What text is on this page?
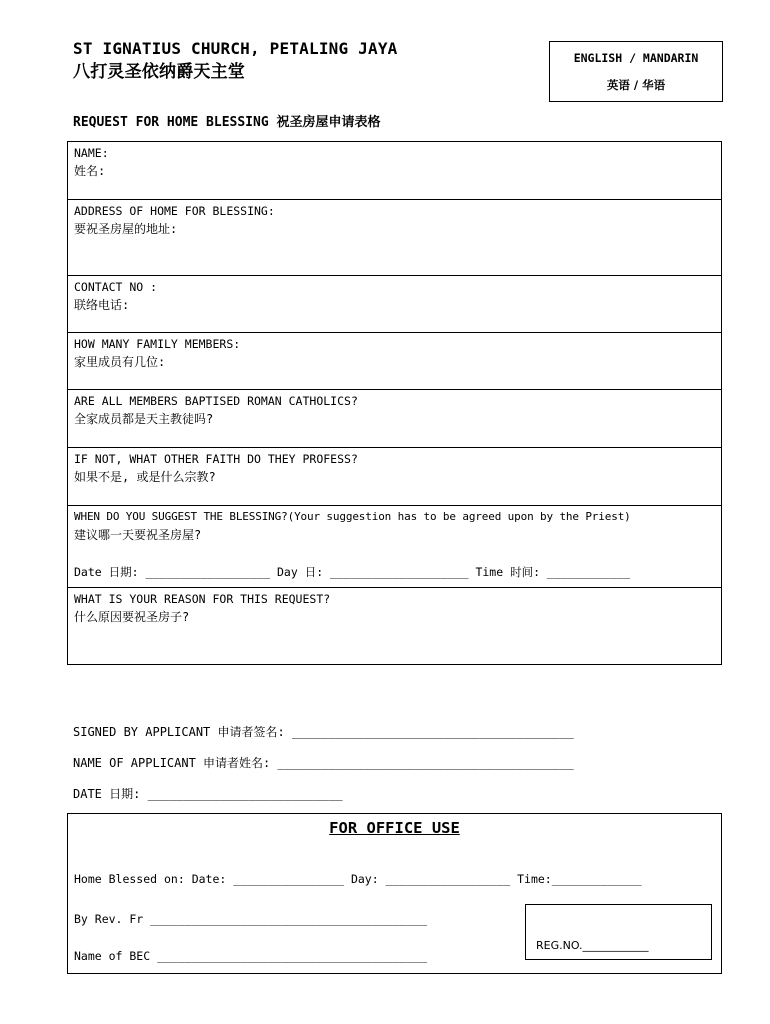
ST IGNATIUS CHURCH, PETALING JAYA
八打灵圣依纳爵天主堂
ENGLISH / MANDARIN
英语 / 华语
REQUEST FOR HOME BLESSING 祝圣房屋申请表格
NAME:
姓名:
ADDRESS OF HOME FOR BLESSING:
要祝圣房屋的地址:
CONTACT NO :
联络电话:
HOW MANY FAMILY MEMBERS:
家里成员有几位:
ARE ALL MEMBERS BAPTISED ROMAN CATHOLICS?
全家成员都是天主教徒吗?
IF NOT, WHAT OTHER FAITH DO THEY PROFESS?
如果不是, 或是什么宗教?
WHEN DO YOU SUGGEST THE BLESSING?(Your suggestion has to be agreed upon by the Priest)
建议哪一天要祝圣房屋?
Date 日期: __________________ Day 日: ____________________ Time 时间: ____________
WHAT IS YOUR REASON FOR THIS REQUEST?
什么原因要祝圣房子?
SIGNED BY APPLICANT 申请者签名: _______________________________________
NAME OF APPLICANT 申请者姓名: _________________________________________
DATE 日期: ___________________________
FOR OFFICE USE
Home Blessed on: Date: ________________ Day: __________________ Time:_____________
By Rev. Fr ________________________________________
Name of BEC _______________________________________
REG.NO.____________
